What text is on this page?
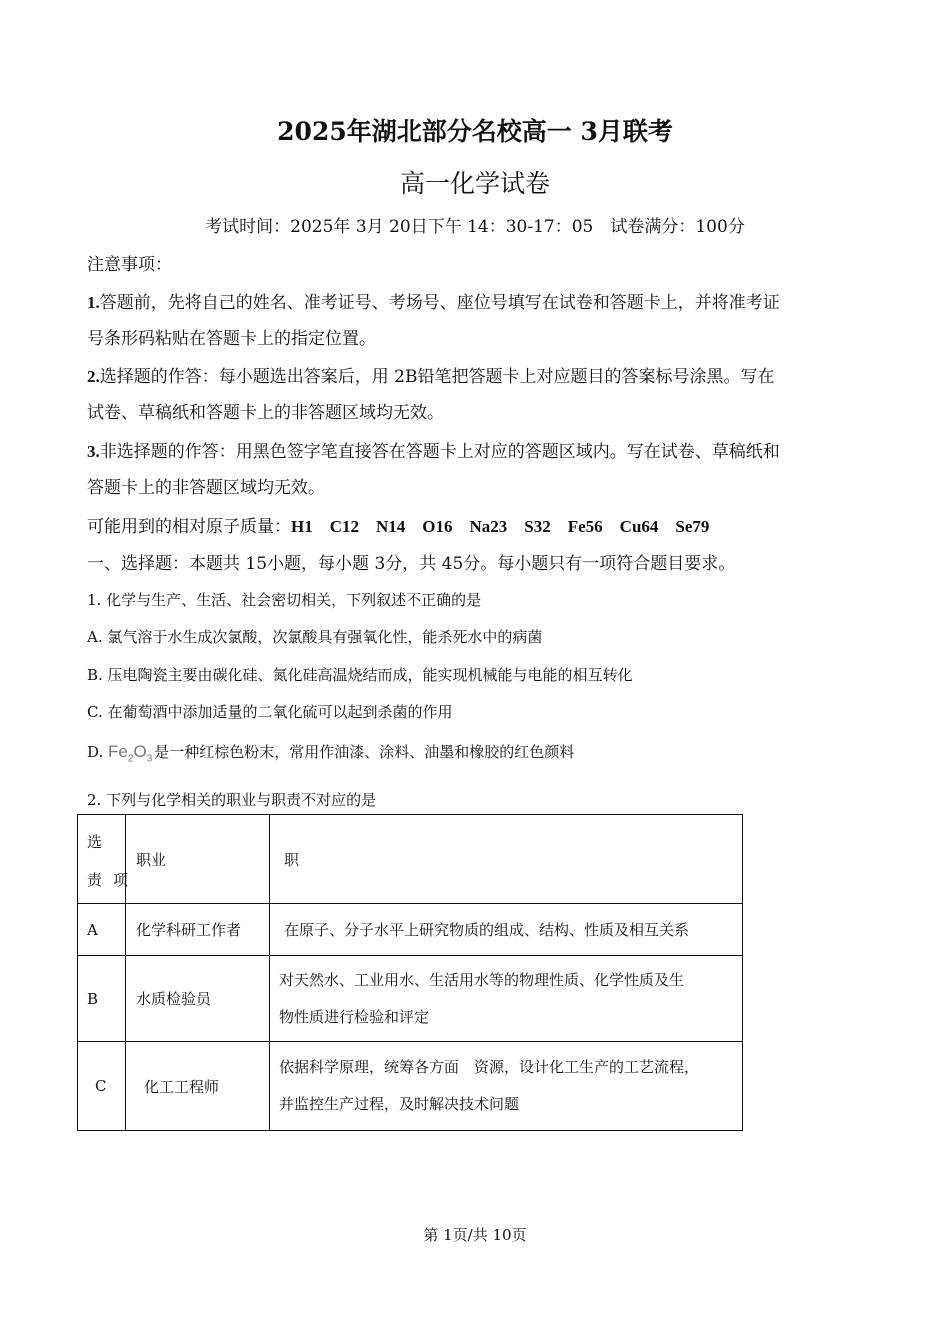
2025年湖北部分名校高一 3月联考
高一化学试卷
考试时间：2025年 3月 20日下午 14：30-17：05　试卷满分：100分
注意事项：
1.答题前，先将自己的姓名、准考证号、考场号、座位号填写在试卷和答题卡上，并将准考证
号条形码粘贴在答题卡上的指定位置。
2.选择题的作答：每小题选出答案后，用 2B铅笔把答题卡上对应题目的答案标号涂黑。写在
试卷、草稿纸和答题卡上的非答题区域均无效。
3.非选择题的作答：用黑色签字笔直接答在答题卡上对应的答题区域内。写在试卷、草稿纸和
答题卡上的非答题区域均无效。
可能用到的相对原子质量：H1　C12　N14　O16　Na23　S32　Fe56　Cu64　Se79
一、选择题：本题共 15小题，每小题 3分，共 45分。每小题只有一项符合题目要求。
1. 化学与生产、生活、社会密切相关，下列叙述不正确的是
A. 氯气溶于水生成次氯酸，次氯酸具有强氧化性，能杀死水中的病菌
B. 压电陶瓷主要由碳化硅、氮化硅高温烧结而成，能实现机械能与电能的相互转化
C. 在葡萄酒中添加适量的二氧化硫可以起到杀菌的作用
D. $Fe_2O_3$ 是一种红棕色粉末，常用作油漆、涂料、油墨和橡胶的红色颜料
2. 下列与化学相关的职业与职责不对应的是
选
责 项	职业	职
A	化学科研工作者	在原子、分子水平上研究物质的组成、结构、性质及相互关系
B	水质检验员	对天然水、工业用水、生活用水等的物理性质、化学性质及生
物性质进行检验和评定

C	化工工程师	依据科学原理，统筹各方面　资源，设计化工生产的工艺流程，
并监控生产过程，及时解决技术问题
第 1页/共 10页
